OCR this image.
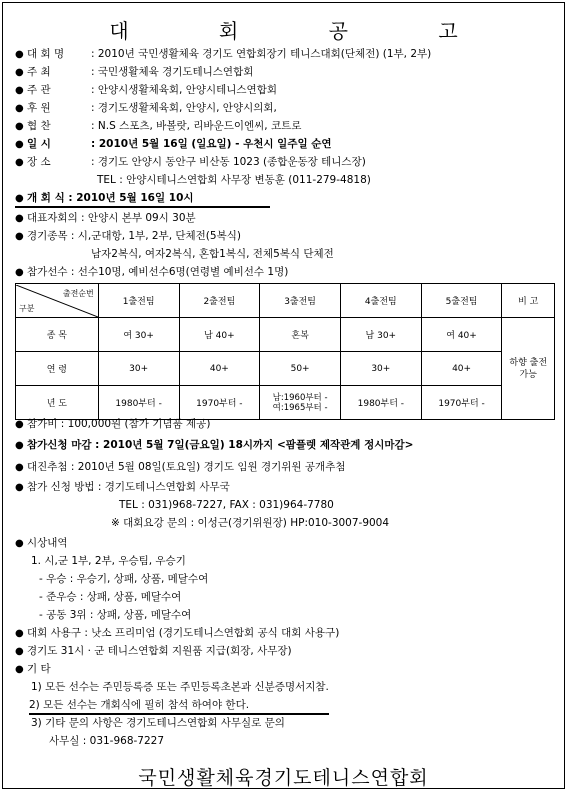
대 회 공 고
● 대 회 명	: 2010년 국민생활체육 경기도 연합회장기 테니스대회(단체전) (1부, 2부)
● 주 최	: 국민생활체육 경기도테니스연합회
● 주 관	: 안양시생활체육회, 안양시테니스연합회
● 후 원	: 경기도생활체육회, 안양시, 안양시의회,
● 협 찬	: N.S 스포츠, 바볼랏, 리바운드이엔씨, 코트로
● 일 시	: 2010년 5월 16일 (일요일) - 우천시 일주일 순연
● 장 소	: 경기도 안양시 동안구 비산동 1023 (종합운동장 테니스장)
TEL : 안양시테니스연합회 사무장 변동훈 (011-279-4818)
● 개 회 식 : 2010년 5월 16일 10시
● 대표자회의 : 안양시 본부 09시 30분
● 경기종목 : 시,군대항, 1부, 2부, 단체전(5복식)
남자2복식, 여자2복식, 혼합1복식, 전체5복식 단체전
● 참가선수 : 선수10명, 예비선수6명(연령별 예비선수 1명)
출전순번
구분	1출전팀	2출전팀	3출전팀	4출전팀	5출전팀	비 고
종 목	여 30+	남 40+	혼복	남 30+	여 40+	하향 출전 가능
연 령	30+	40+	50+	30+	40+	
년 도	1980부터 -	1970부터 -	남:1960부터 -
여:1965부터 -	1980부터 -	1970부터 -	
● 참가비 : 100,000원 (참가 기념품 제공)
● 참가신청 마감 : 2010년 5월 7일(금요일) 18시까지 <팜플렛 제작관계 정시마감>
● 대진추첨 : 2010년 5월 08일(토요일) 경기도 임원 경기위원 공개추첨
● 참가 신청 방법 : 경기도테니스연합회 사무국
TEL : 031)968-7227, FAX : 031)964-7780
※ 대회요강 문의 : 이성근(경기위원장) HP:010-3007-9004
● 시상내역
1. 시,군 1부, 2부, 우승팀, 우승기
- 우승 : 우승기, 상패, 상품, 메달수여
- 준우승 : 상패, 상품, 메달수여
- 공동 3위 : 상패, 상품, 메달수여
● 대회 사용구 : 낫소 프리미엄 (경기도테니스연합회 공식 대회 사용구)
● 경기도 31시 · 군 테니스연합회 지원품 지급(회장, 사무장)
● 기 타
1) 모든 선수는 주민등록증 또는 주민등록초본과 신분증명서지참.
2) 모든 선수는 개회식에 필히 참석 하여야 한다.
3) 기타 문의 사항은 경기도테니스연합회 사무실로 문의
사무실 : 031-968-7227
국민생활체육경기도테니스연합회
